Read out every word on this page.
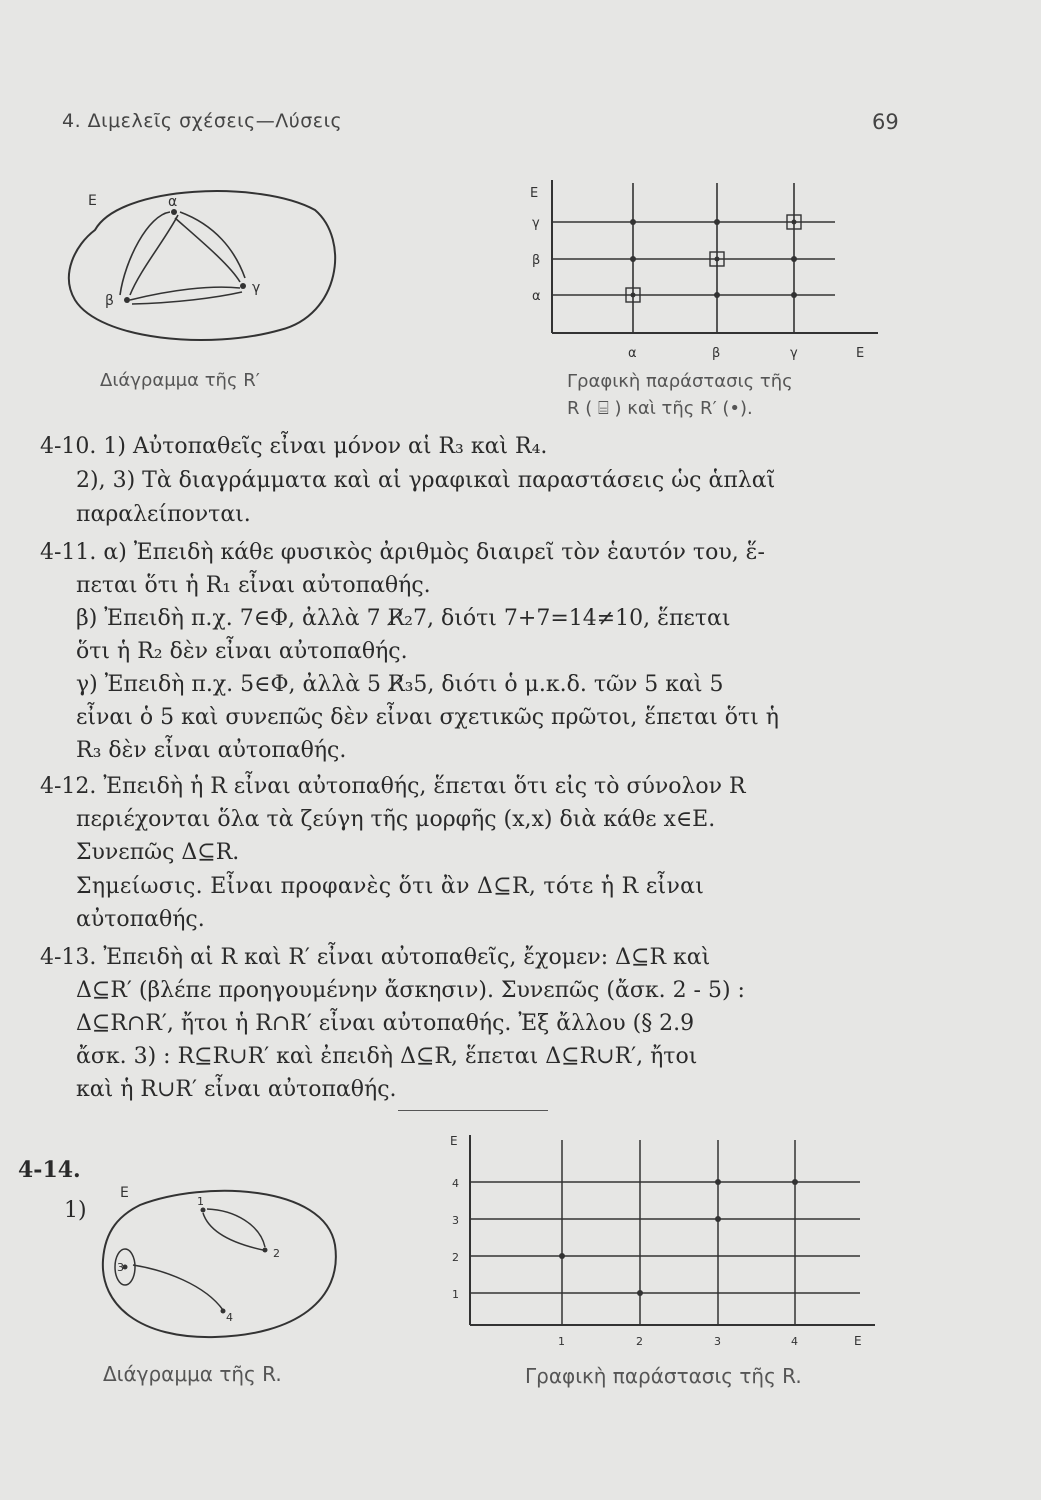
4. Διμελεῖς σχέσεις—Λύσεις	69
E	α
β
γ
Διάγραμμα τῆς R′
E
γ
β
α
α	β	γ	E
Γραφικὴ παράστασις τῆς
R ( ⌸ ) καὶ τῆς R′ (•).
4-10. 1) Αὐτοπαθεῖς εἶναι μόνον αἱ R₃ καὶ R₄.
2), 3) Τὰ διαγράμματα καὶ αἱ γραφικαὶ παραστάσεις ὡς ἁπλαῖ
παραλείπονται.
4-11. α) Ἐπειδὴ κάθε φυσικὸς ἀριθμὸς διαιρεῖ τὸν ἑαυτόν του, ἕ-
πεται ὅτι ἡ R₁ εἶναι αὐτοπαθής.
β) Ἐπειδὴ π.χ. 7∈Φ, ἀλλὰ 7 R̸₂7, διότι 7+7=14≠10, ἕπεται
ὅτι ἡ R₂ δὲν εἶναι αὐτοπαθής.
γ) Ἐπειδὴ π.χ. 5∈Φ, ἀλλὰ 5 R̸₃5, διότι ὁ μ.κ.δ. τῶν 5 καὶ 5
εἶναι ὁ 5 καὶ συνεπῶς δὲν εἶναι σχετικῶς πρῶτοι, ἕπεται ὅτι ἡ
R₃ δὲν εἶναι αὐτοπαθής.
4-12. Ἐπειδὴ ἡ R εἶναι αὐτοπαθής, ἕπεται ὅτι εἰς τὸ σύνολον R
περιέχονται ὅλα τὰ ζεύγη τῆς μορφῆς (x,x) διὰ κάθε x∈E.
Συνεπῶς Δ⊆R.
Σημείωσις. Εἶναι προφανὲς ὅτι ἂν Δ⊆R, τότε ἡ R εἶναι
αὐτοπαθής.
4-13. Ἐπειδὴ αἱ R καὶ R′ εἶναι αὐτοπαθεῖς, ἔχομεν: Δ⊆R καὶ
Δ⊆R′ (βλέπε προηγουμένην ἄσκησιν). Συνεπῶς (ἄσκ. 2 - 5) :
Δ⊆R∩R′, ἤτοι ἡ R∩R′ εἶναι αὐτοπαθής. Ἐξ ἄλλου (§ 2.9
ἄσκ. 3) : R⊆R∪R′ καὶ ἐπειδὴ Δ⊆R, ἕπεται Δ⊆R∪R′, ἤτοι
καὶ ἡ R∪R′ εἶναι αὐτοπαθής.
4-14.
1)
E
1
2
3
4
Διάγραμμα τῆς R.
E
4
3
2
1
1	2	3	4	E
Γραφικὴ παράστασις τῆς R.
